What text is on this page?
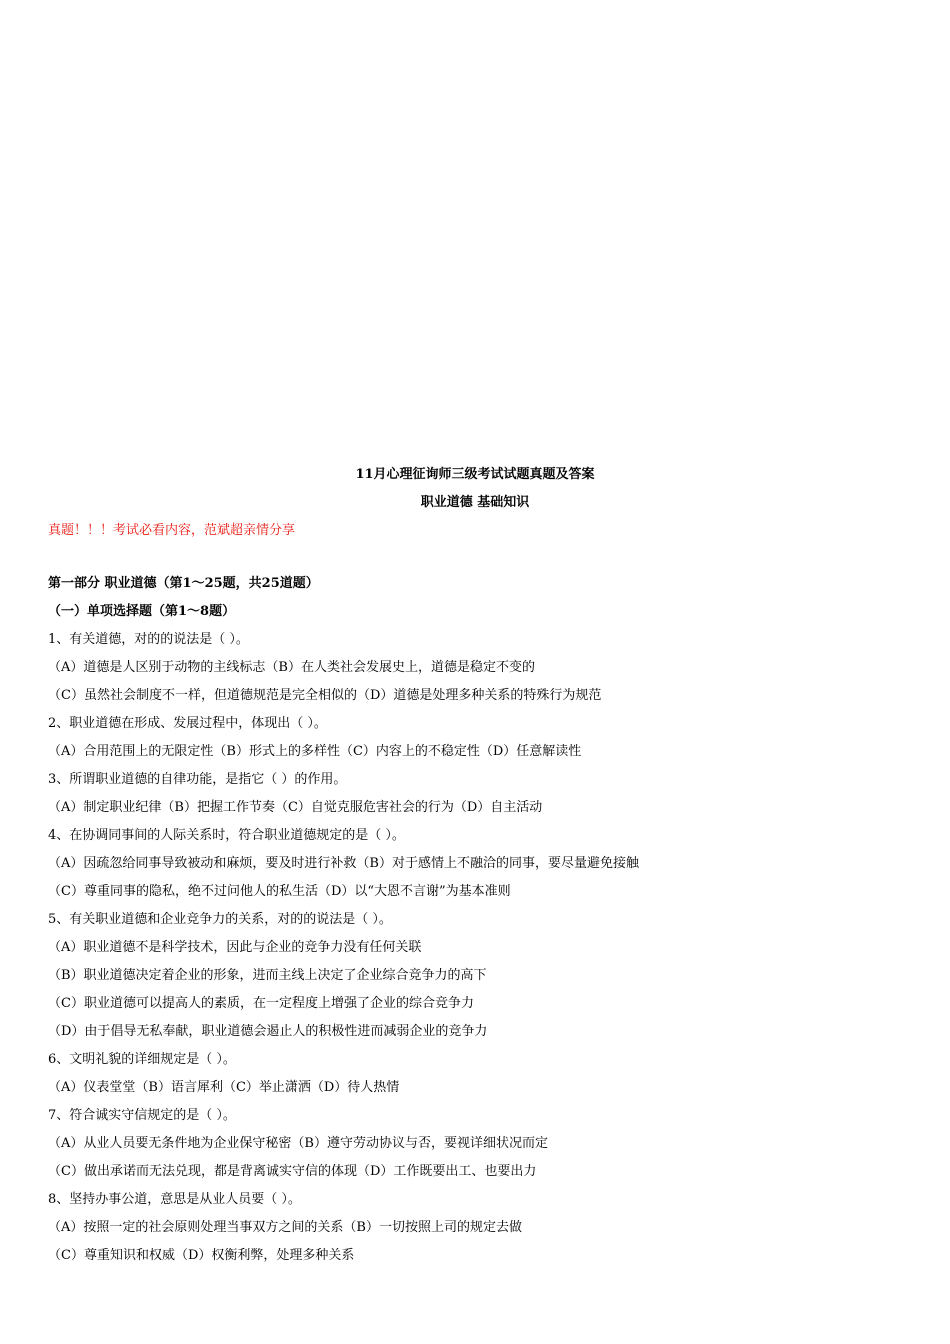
11月心理征询师三级考试试题真题及答案
职业道德 基础知识
真题！！！考试必看内容，范斌超亲情分享
第一部分 职业道德（第1～25题，共25道题）
（一）单项选择题（第1～8题）
1、有关道德，对的的说法是（ ）。
（A）道德是人区别于动物的主线标志（B）在人类社会发展史上，道德是稳定不变的
（C）虽然社会制度不一样，但道德规范是完全相似的（D）道德是处理多种关系的特殊行为规范
2、职业道德在形成、发展过程中，体现出（ ）。
（A）合用范围上的无限定性（B）形式上的多样性（C）内容上的不稳定性（D）任意解读性
3、所谓职业道德的自律功能，是指它（ ）的作用。
（A）制定职业纪律（B）把握工作节奏（C）自觉克服危害社会的行为（D）自主活动
4、在协调同事间的人际关系时，符合职业道德规定的是（ ）。
（A）因疏忽给同事导致被动和麻烦，要及时进行补救（B）对于感情上不融洽的同事，要尽量避免接触
（C）尊重同事的隐私，绝不过问他人的私生活（D）以“大恩不言谢”为基本准则
5、有关职业道德和企业竞争力的关系，对的的说法是（ ）。
（A）职业道德不是科学技术，因此与企业的竞争力没有任何关联
（B）职业道德决定着企业的形象，进而主线上决定了企业综合竞争力的高下
（C）职业道德可以提高人的素质，在一定程度上增强了企业的综合竞争力
（D）由于倡导无私奉献，职业道德会遏止人的积极性进而减弱企业的竞争力
6、文明礼貌的详细规定是（ ）。
（A）仪表堂堂（B）语言犀利（C）举止潇洒（D）待人热情
7、符合诚实守信规定的是（ ）。
（A）从业人员要无条件地为企业保守秘密（B）遵守劳动协议与否，要视详细状况而定
（C）做出承诺而无法兑现，都是背离诚实守信的体现（D）工作既要出工、也要出力
8、坚持办事公道，意思是从业人员要（ ）。
（A）按照一定的社会原则处理当事双方之间的关系（B）一切按照上司的规定去做
（C）尊重知识和权威（D）权衡利弊，处理多种关系
